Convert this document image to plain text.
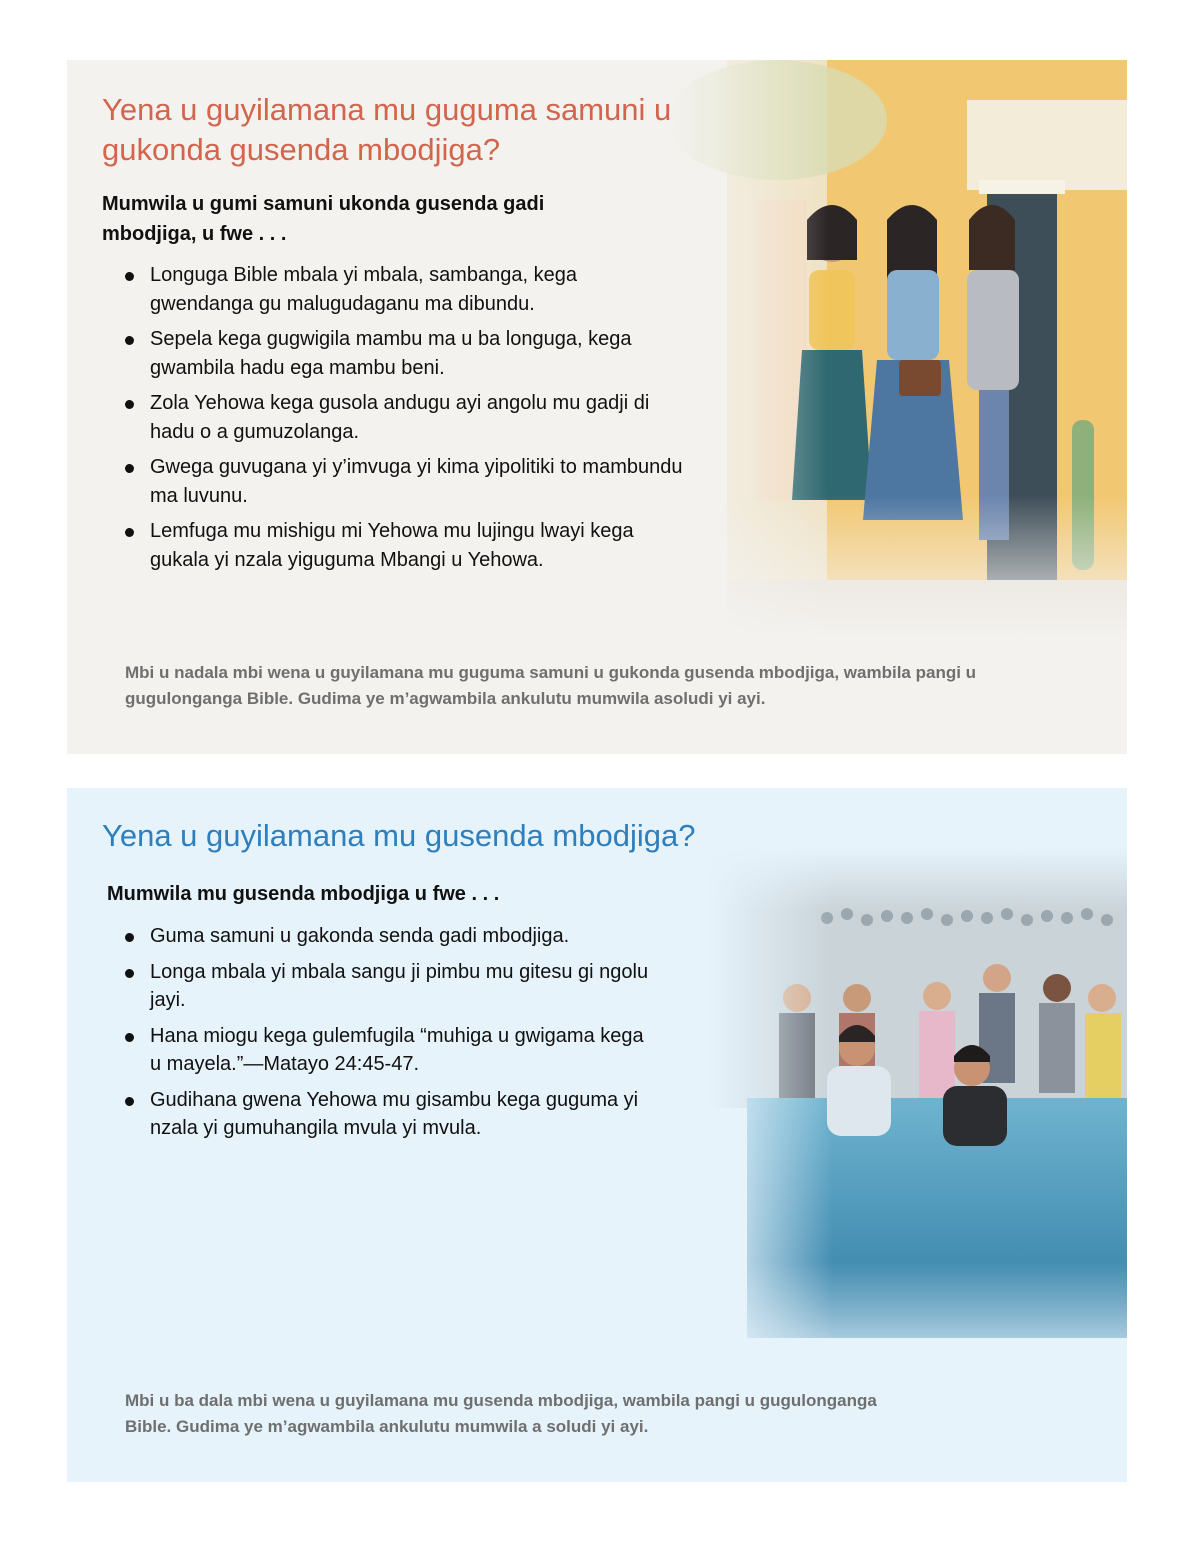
Yena u guyilamana mu guguma samuni u gukonda gusenda mbodjiga?

Mumwila u gumi samuni ukonda gusenda gadi mbodjiga, u fwe . . .

Longuga Bible mbala yi mbala, sambanga, kega gwendanga gu malugudaganu ma dibundu.
Sepela kega gugwigila mambu ma u ba longuga, kega gwambila hadu ega mambu beni.
Zola Yehowa kega gusola andugu ayi angolu mu gadji di hadu o a gumuzolanga.
Gwega guvugana yi y’imvuga yi kima yipolitiki to mambundu ma luvunu.
Lemfuga mu mishigu mi Yehowa mu lujingu lwayi kega gukala yi nzala yiguguma Mbangi u Yehowa.

Mbi u nadala mbi wena u guyilamana mu guguma samuni u gukonda gusenda mbodjiga, wambila pangi u gugulonganga Bible. Gudima ye m’agwambila ankulutu mumwila asoludi yi ayi.

Yena u guyilamana mu gusenda mbodjiga?

Mumwila mu gusenda mbodjiga u fwe . . .

Guma samuni u gakonda senda gadi mbodjiga.
Longa mbala yi mbala sangu ji pimbu mu gitesu gi ngolu jayi.
Hana miogu kega gulemfugila “muhiga u gwigama kega u mayela.”—Matayo 24:45-47.
Gudihana gwena Yehowa mu gisambu kega guguma yi nzala yi gumuhangila mvula yi mvula.

Mbi u ba dala mbi wena u guyilamana mu gusenda mbodjiga, wambila pangi u gugulonganga Bible. Gudima ye m’agwambila ankulutu mumwila a soludi yi ayi.
